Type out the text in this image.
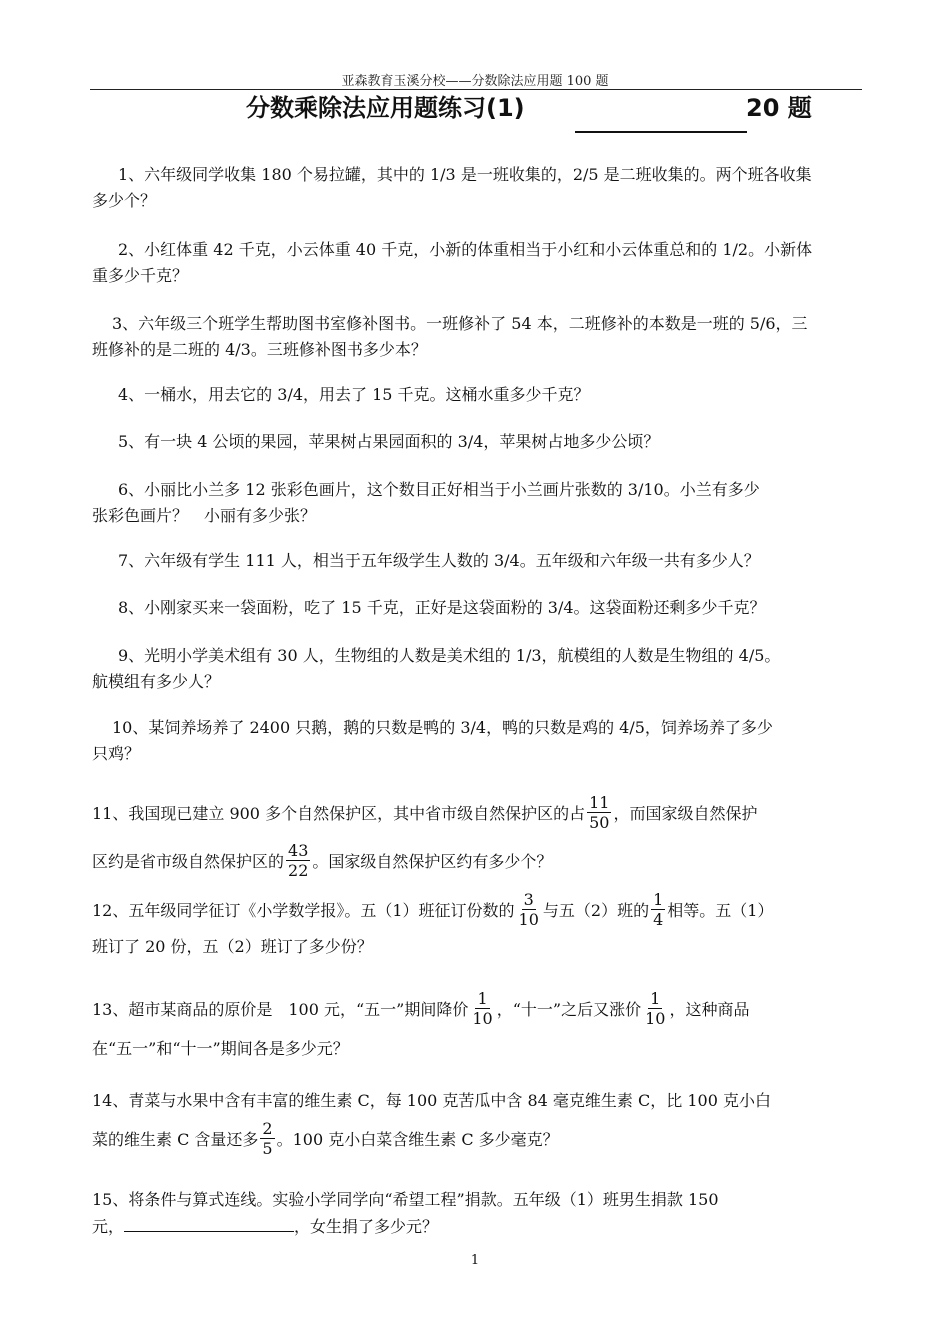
亚森教育玉溪分校——分数除法应用题 100 题
分数乘除法应用题练习(1)	20 题
1、六年级同学收集 180 个易拉罐，其中的 1/3 是一班收集的，2/5 是二班收集的。两个班各收集
多少个？
2、小红体重 42 千克，小云体重 40 千克，小新的体重相当于小红和小云体重总和的 1/2。小新体
重多少千克？
3、六年级三个班学生帮助图书室修补图书。一班修补了 54 本，二班修补的本数是一班的 5/6，三
班修补的是二班的 4/3。三班修补图书多少本？
4、一桶水，用去它的 3/4，用去了 15 千克。这桶水重多少千克？
5、有一块 4 公顷的果园，苹果树占果园面积的 3/4，苹果树占地多少公顷？
6、小丽比小兰多 12 张彩色画片，这个数目正好相当于小兰画片张数的 3/10。小兰有多少
张彩色画片？　小丽有多少张？
7、六年级有学生 111 人，相当于五年级学生人数的 3/4。五年级和六年级一共有多少人？
8、小刚家买来一袋面粉，吃了 15 千克，正好是这袋面粉的 3/4。这袋面粉还剩多少千克？
9、光明小学美术组有 30 人，生物组的人数是美术组的 1/3，航模组的人数是生物组的 4/5。
航模组有多少人？
10、某饲养场养了 2400 只鹅，鹅的只数是鸭的 3/4，鸭的只数是鸡的 4/5，饲养场养了多少
只鸡？
11、我国现已建立 900 多个自然保护区，其中省市级自然保护区的占 $\frac{11}{50}$ ，而国家级自然保护
区约是省市级自然保护区的 $\frac{43}{22}$ 。国家级自然保护区约有多少个？
12、五年级同学征订《小学数学报》。五（1）班征订份数的 $\frac{3}{10}$ 与五（2）班的 $\frac{1}{4}$ 相等。五（1）
班订了 20 份，五（2）班订了多少份？
13、超市某商品的原价是　100 元，“五一”期间降价 $\frac{1}{10}$ ，“十一”之后又涨价 $\frac{1}{10}$ ，这种商品
在“五一”和“十一”期间各是多少元？
14、青菜与水果中含有丰富的维生素 C，每 100 克苦瓜中含 84 毫克维生素 C，比 100 克小白
菜的维生素 C 含量还多 $\frac{2}{5}$ 。100 克小白菜含维生素 C 多少毫克？
15、将条件与算式连线。实验小学同学向“希望工程”捐款。五年级（1）班男生捐款 150
元，	，女生捐了多少元？
1
